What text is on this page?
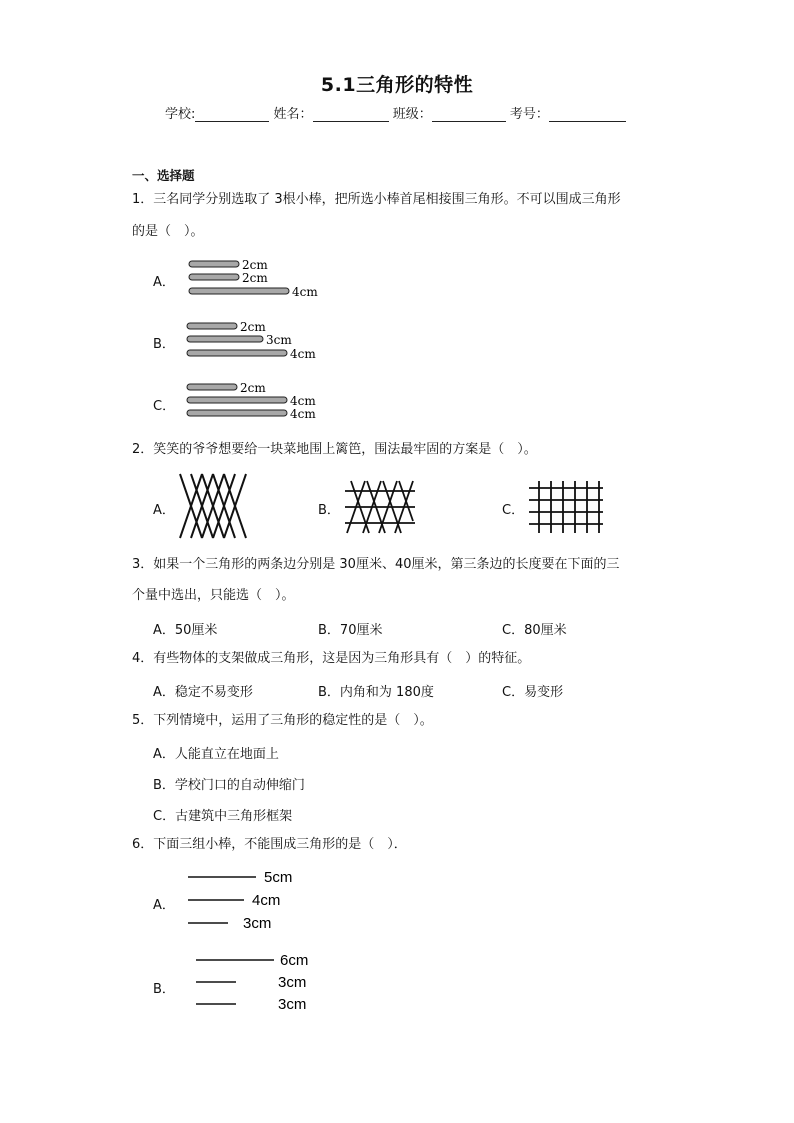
5.1三角形的特性
学校:	姓名：	班级：	考号：
一、选择题
1．三名同学分别选取了 3根小棒，把所选小棒首尾相接围三角形。不可以围成三角形
的是（　）。
A．
2cm
2cm
4cm
B．
2cm
3cm
4cm
C．
2cm
4cm
4cm
2．笑笑的爷爷想要给一块菜地围上篱笆，围法最牢固的方案是（　）。
A．	B．	C．
3．如果一个三角形的两条边分别是 30厘米、40厘米，第三条边的长度要在下面的三
个量中选出，只能选（　）。
A．50厘米	B．70厘米	C．80厘米
4．有些物体的支架做成三角形，这是因为三角形具有（　）的特征。
A．稳定不易变形	B．内角和为 180度	C．易变形
5．下列情境中，运用了三角形的稳定性的是（　）。
A．人能直立在地面上
B．学校门口的自动伸缩门
C．古建筑中三角形框架
6．下面三组小棒，不能围成三角形的是（　）．
A．
5cm
4cm
3cm
B．
6cm
3cm
3cm
